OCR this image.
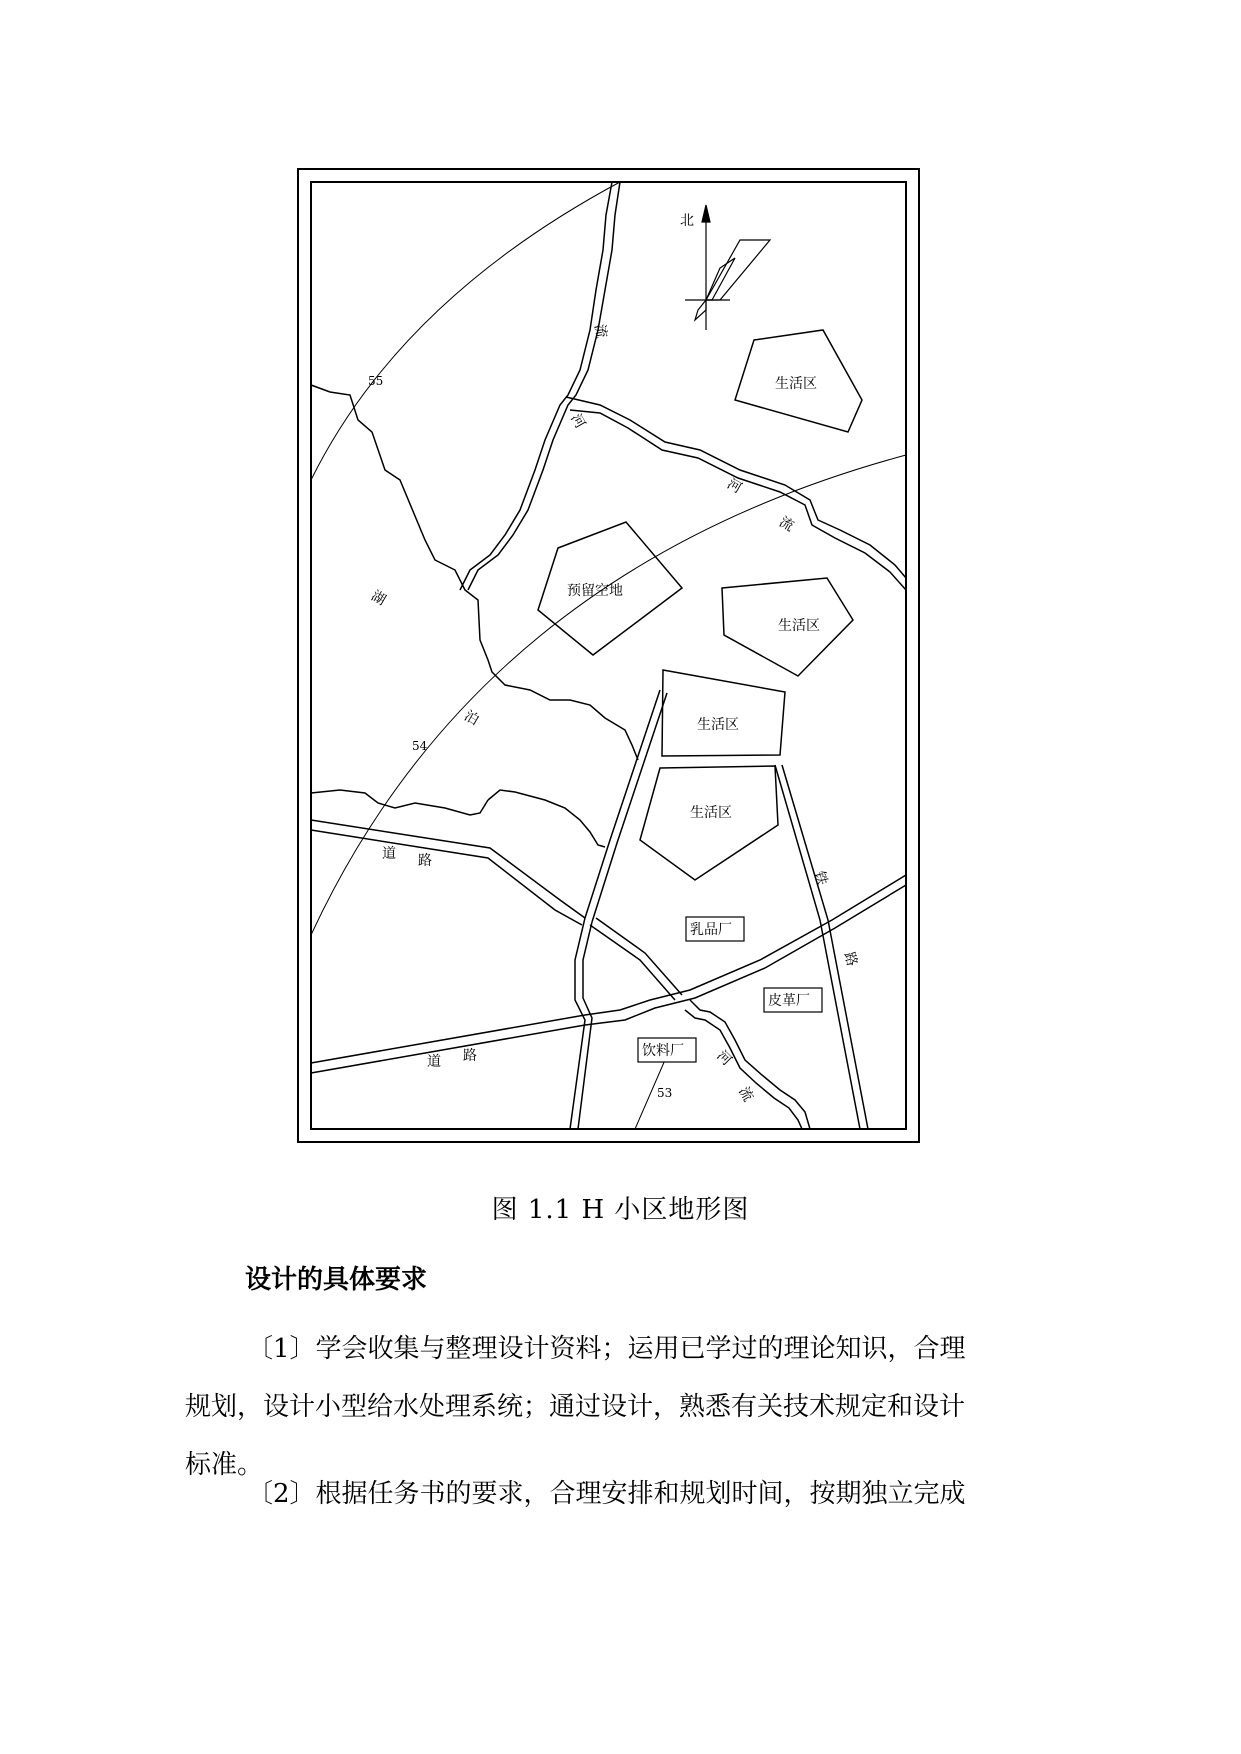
北
生活区
预留空地
生活区
生活区
生活区
乳品厂
皮革厂
饮料厂
55
54
53
流
河
河
流
河
流
湖
泊
道 路
道 路
铁
路
图 1.1 H 小区地形图
设计的具体要求
〔1〕学会收集与整理设计资料；运用已学过的理论知识，合理
规划，设计小型给水处理系统；通过设计，熟悉有关技术规定和设计
标准。
〔2〕根据任务书的要求，合理安排和规划时间，按期独立完成
